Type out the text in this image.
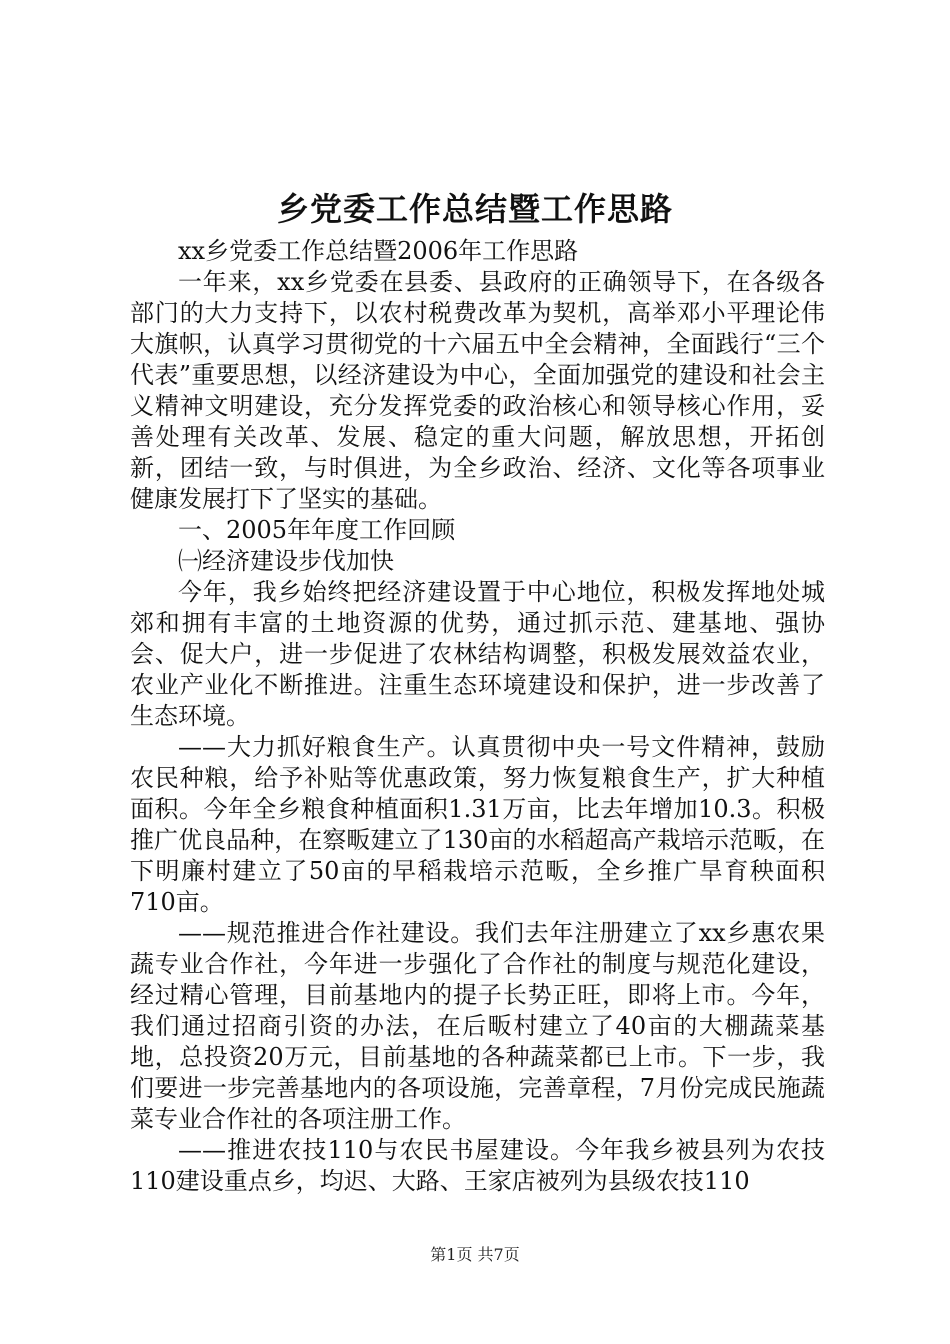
乡党委工作总结暨工作思路

xx乡党委工作总结暨2006年工作思路

一年来，xx乡党委在县委、县政府的正确领导下，在各级各部门的大力支持下，以农村税费改革为契机，高举邓小平理论伟大旗帜，认真学习贯彻党的十六届五中全会精神，全面践行“三个代表”重要思想，以经济建设为中心，全面加强党的建设和社会主义精神文明建设，充分发挥党委的政治核心和领导核心作用，妥善处理有关改革、发展、稳定的重大问题，解放思想，开拓创新，团结一致，与时俱进，为全乡政治、经济、文化等各项事业健康发展打下了坚实的基础。

一、2005年年度工作回顾

㈠经济建设步伐加快

今年，我乡始终把经济建设置于中心地位，积极发挥地处城郊和拥有丰富的土地资源的优势，通过抓示范、建基地、强协会、促大户，进一步促进了农林结构调整，积极发展效益农业，农业产业化不断推进。注重生态环境建设和保护，进一步改善了生态环境。

——大力抓好粮食生产。认真贯彻中央一号文件精神，鼓励农民种粮，给予补贴等优惠政策，努力恢复粮食生产，扩大种植面积。今年全乡粮食种植面积1.31万亩，比去年增加10.3。积极推广优良品种，在察畈建立了130亩的水稻超高产栽培示范畈，在下明廉村建立了50亩的早稻栽培示范畈，全乡推广旱育秧面积710亩。

——规范推进合作社建设。我们去年注册建立了xx乡惠农果蔬专业合作社，今年进一步强化了合作社的制度与规范化建设，经过精心管理，目前基地内的提子长势正旺，即将上市。今年，我们通过招商引资的办法，在后畈村建立了40亩的大棚蔬菜基地，总投资20万元，目前基地的各种蔬菜都已上市。下一步，我们要进一步完善基地内的各项设施，完善章程，7月份完成民施蔬菜专业合作社的各项注册工作。

——推进农技110与农民书屋建设。今年我乡被县列为农技110建设重点乡，均迟、大路、王家店被列为县级农技110

第1页 共7页
